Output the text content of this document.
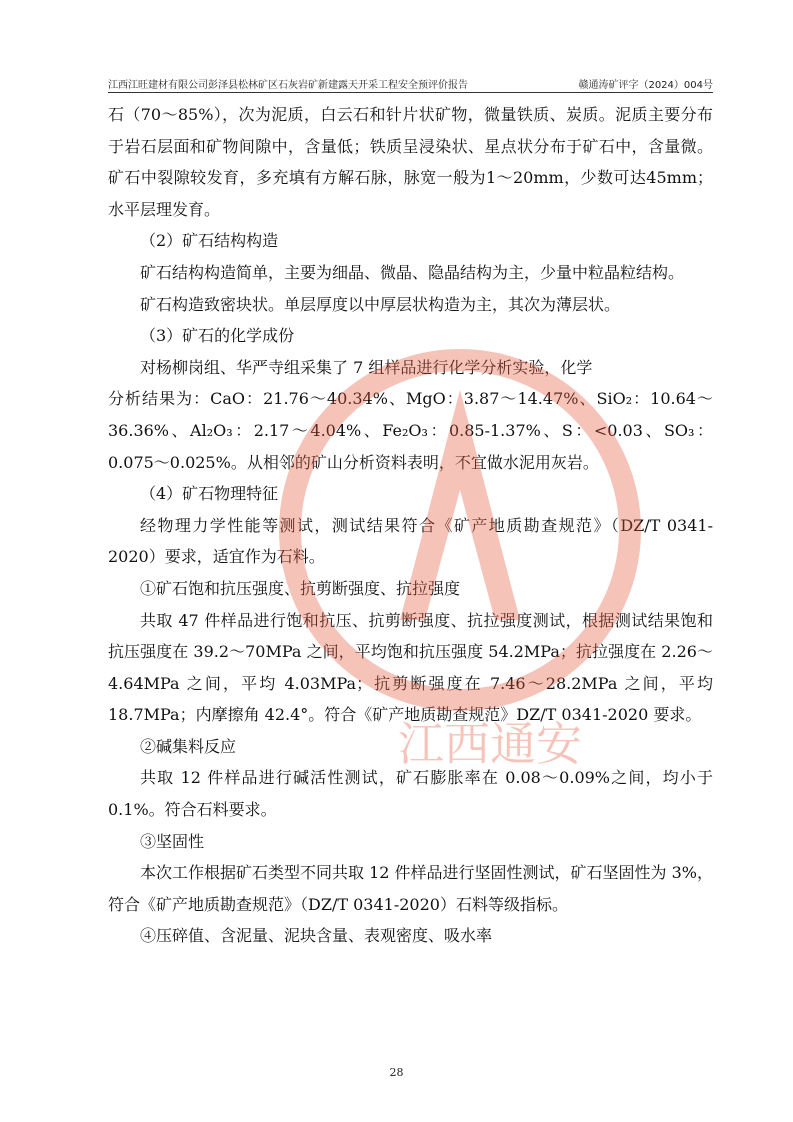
江西江旺建材有限公司彭泽县松林矿区石灰岩矿新建露天开采工程安全预评价报告	赣通涛矿评字（2024）004号

石（70～85%），次为泥质，白云石和针片状矿物，微量铁质、炭质。泥质主要分布于岩石层面和矿物间隙中，含量低；铁质呈浸染状、星点状分布于矿石中，含量微。矿石中裂隙较发育，多充填有方解石脉，脉宽一般为1～20mm，少数可达45mm；水平层理发育。

（2）矿石结构构造

矿石结构构造简单，主要为细晶、微晶、隐晶结构为主，少量中粒晶粒结构。

矿石构造致密块状。单层厚度以中厚层状构造为主，其次为薄层状。

（3）矿石的化学成份

对杨柳岗组、华严寺组采集了 7 组样品进行化学分析实验，化学

分析结果为：CaO：21.76～40.34%、MgO：3.87～14.47%、SiO₂：10.64～36.36%、Al₂O₃：2.17～4.04%、Fe₂O₃：0.85-1.37%、S：<0.03、SO₃：0.075～0.025%。从相邻的矿山分析资料表明，不宜做水泥用灰岩。

（4）矿石物理特征

经物理力学性能等测试，测试结果符合《矿产地质勘查规范》（DZ/T 0341-2020）要求，适宜作为石料。

①矿石饱和抗压强度、抗剪断强度、抗拉强度

共取 47 件样品进行饱和抗压、抗剪断强度、抗拉强度测试，根据测试结果饱和抗压强度在 39.2～70MPa 之间，平均饱和抗压强度 54.2MPa；抗拉强度在 2.26～4.64MPa 之间，平均 4.03MPa；抗剪断强度在 7.46～28.2MPa 之间，平均 18.7MPa；内摩擦角 42.4°。符合《矿产地质勘查规范》DZ/T 0341-2020 要求。

②碱集料反应

共取 12 件样品进行碱活性测试，矿石膨胀率在 0.08～0.09%之间，均小于 0.1%。符合石料要求。

③坚固性

本次工作根据矿石类型不同共取 12 件样品进行坚固性测试，矿石坚固性为 3%，符合《矿产地质勘查规范》（DZ/T 0341-2020）石料等级指标。

④压碎值、含泥量、泥块含量、表观密度、吸水率

江西通安
28
